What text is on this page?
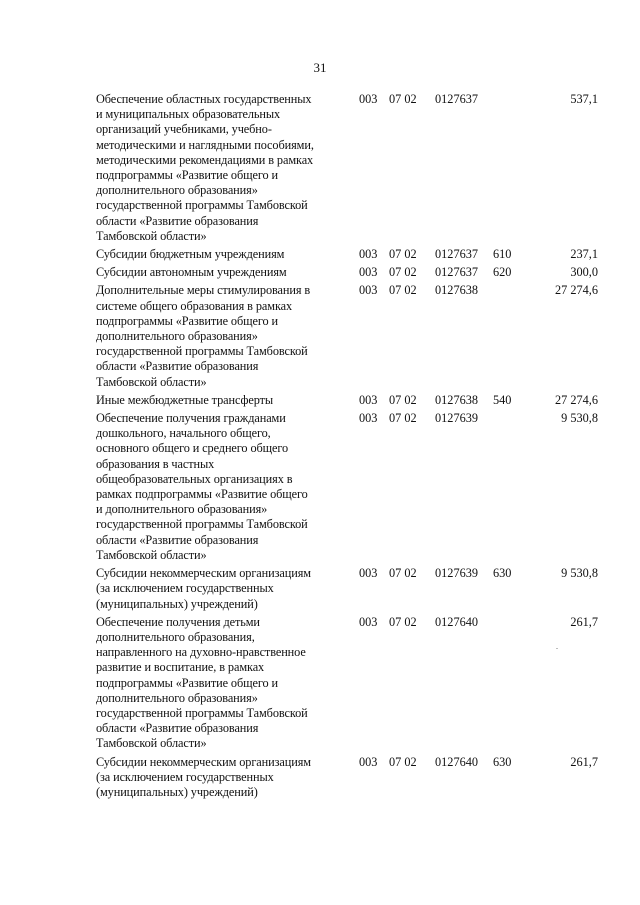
31
Обеспечение областных государственных
и муниципальных образовательных
организаций учебниками, учебно-
методическими и наглядными пособиями,
методическими рекомендациями в рамках
подпрограммы «Развитие общего и
дополнительного образования»
государственной программы Тамбовской
области «Развитие образования
Тамбовской области»
003 07 02 0127637	537,1
Субсидии бюджетным учреждениям	003 07 02 0127637 610	237,1
Субсидии автономным учреждениям	003 07 02 0127637 620	300,0
Дополнительные меры стимулирования в
системе общего образования в рамках
подпрограммы «Развитие общего и
дополнительного образования»
государственной программы Тамбовской
области «Развитие образования
Тамбовской области»
003 07 02 0127638	27 274,6
Иные межбюджетные трансферты	003 07 02 0127638 540	27 274,6
Обеспечение получения гражданами
дошкольного, начального общего,
основного общего и среднего общего
образования в частных
общеобразовательных организациях в
рамках подпрограммы «Развитие общего
и дополнительного образования»
государственной программы Тамбовской
области «Развитие образования
Тамбовской области»
003 07 02 0127639	9 530,8
Субсидии некоммерческим организациям
(за исключением государственных
(муниципальных) учреждений)
003 07 02 0127639 630	9 530,8
Обеспечение получения детьми
дополнительного образования,
направленного на духовно-нравственное
развитие и воспитание, в рамках
подпрограммы «Развитие общего и
дополнительного образования»
государственной программы Тамбовской
области «Развитие образования
Тамбовской области»
003 07 02 0127640	261,7
Субсидии некоммерческим организациям
(за исключением государственных
(муниципальных) учреждений)
003 07 02 0127640 630	261,7
